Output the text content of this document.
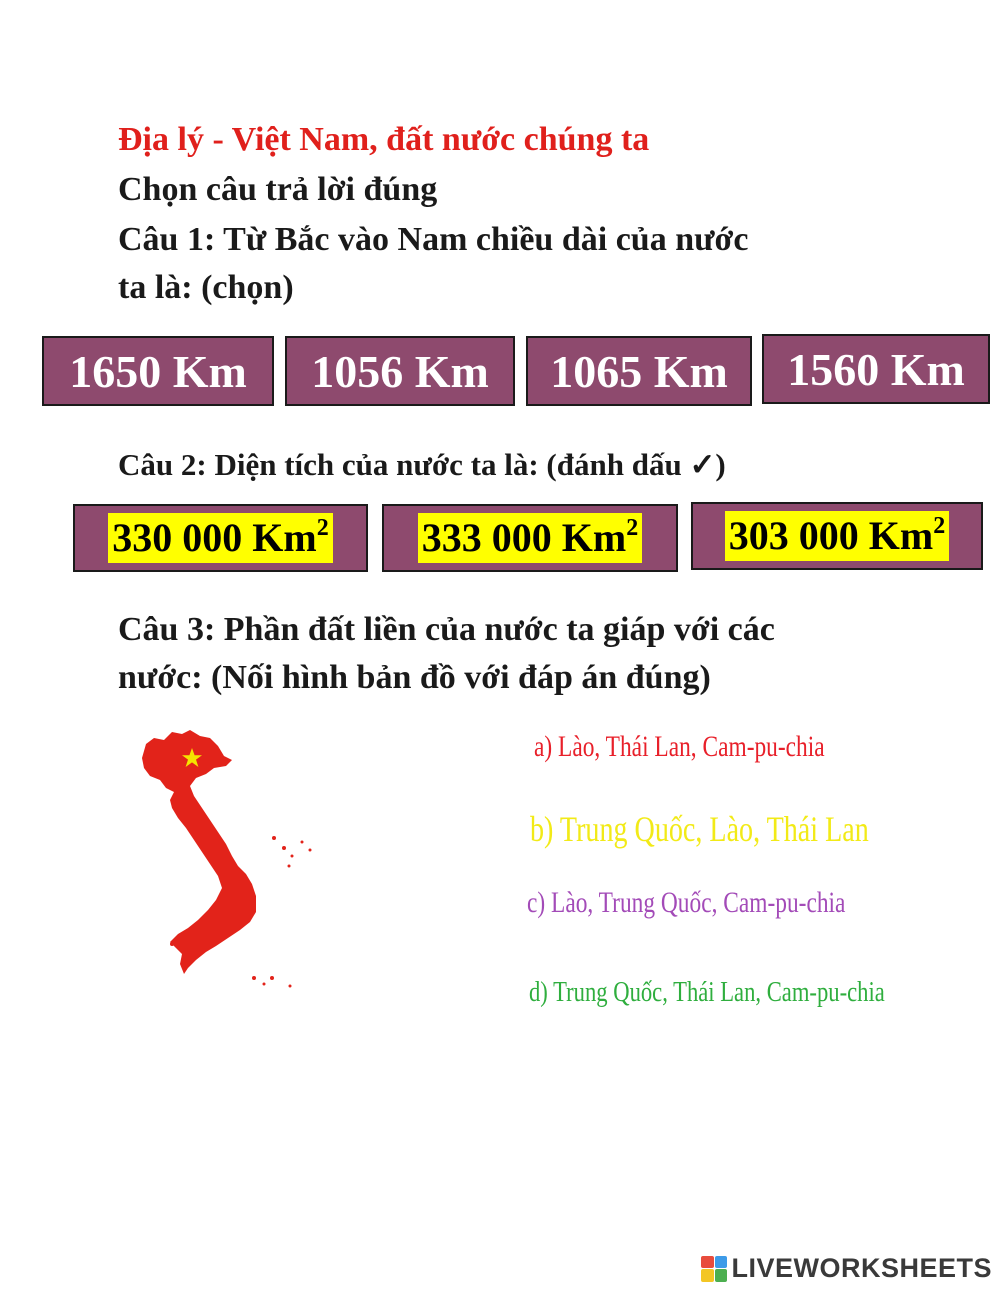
Địa lý - Việt Nam, đất nước chúng ta
Chọn câu trả lời đúng
Câu 1: Từ Bắc vào Nam chiều dài của nước
ta là: (chọn)
1650 Km	1056 Km	1065 Km	1560 Km
Câu 2: Diện tích của nước ta là: (đánh dấu ✓)
330 000 Km$^2$ 333 000 Km$^2$ 303 000 Km$^2$
Câu 3: Phần đất liền của nước ta giáp với các
nước: (Nối hình bản đồ với đáp án đúng)
a) Lào, Thái Lan, Cam-pu-chia
b) Trung Quốc, Lào, Thái Lan
c) Lào, Trung Quốc, Cam-pu-chia
d) Trung Quốc, Thái Lan, Cam-pu-chia
LIVEWORKSHEETS
